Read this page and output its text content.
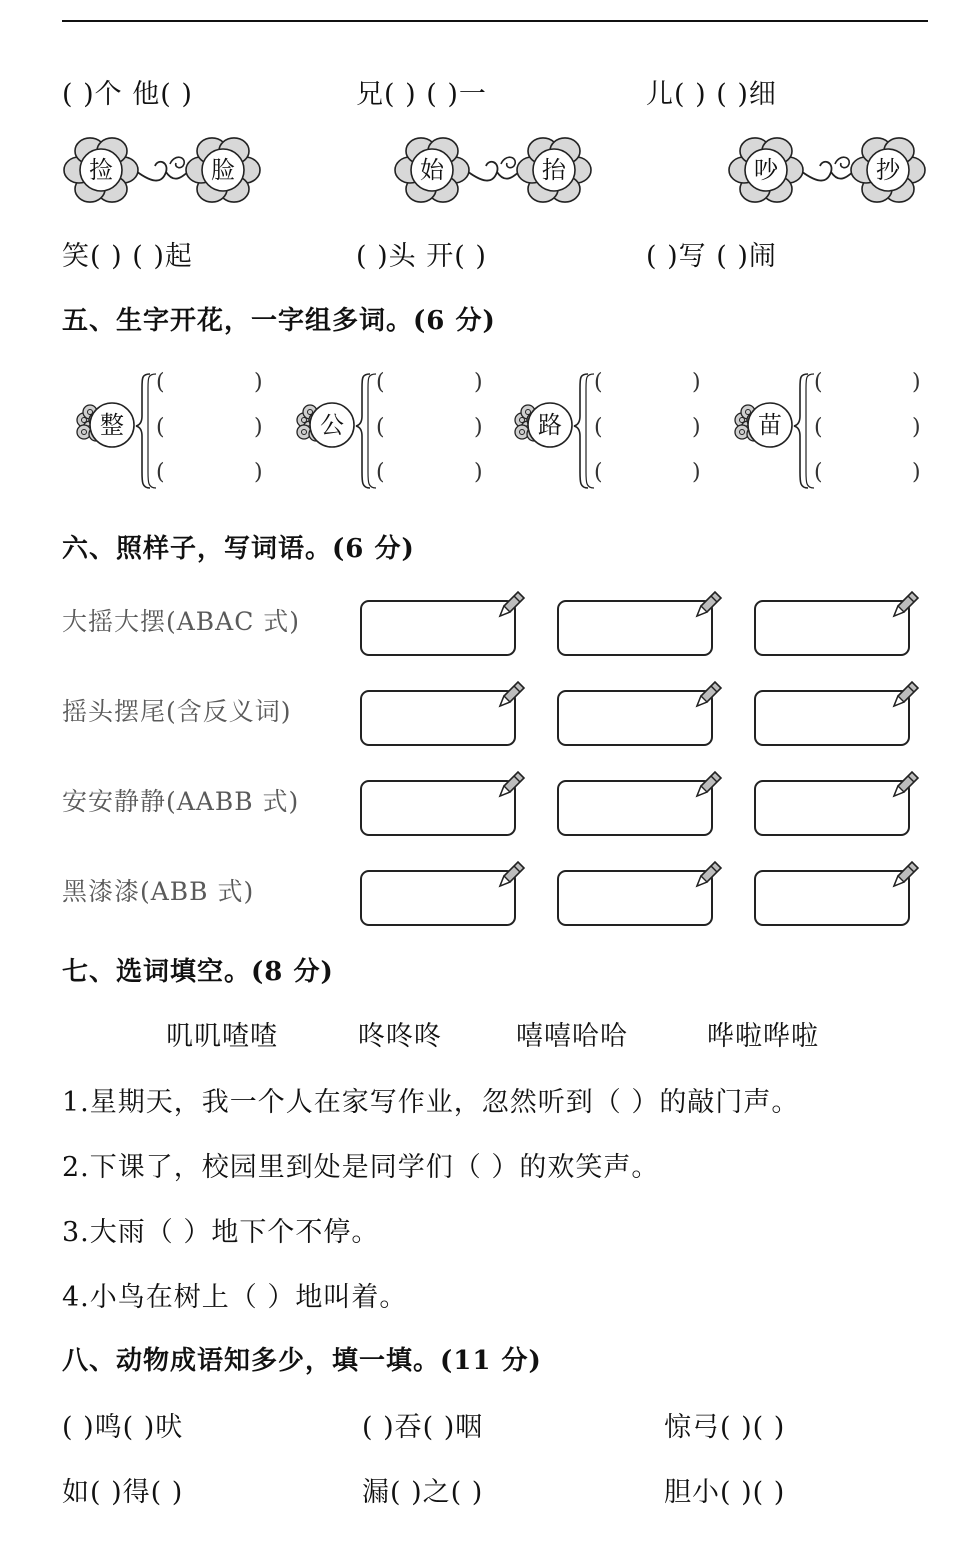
( )个 他( )	兄( ) ( )一	儿( ) ( )细
捡	脸	始	抬	吵	抄
笑( ) ( )起	( )头 开( )	( )写 ( )闹
五、生字开花，一字组多词。(6 分)
整
(	)
(	)
(	)
公
(	)
(	)
(	)
路
(	)
(	)
(	)
苗
(	)
(	)
(	)
六、照样子，写词语。(6 分)
大摇大摆(ABAC 式)
摇头摆尾(含反义词)
安安静静(AABB 式)
黑漆漆(ABB 式)
七、选词填空。(8 分)
叽叽喳喳	咚咚咚	嘻嘻哈哈	哗啦哗啦
1.星期天，我一个人在家写作业，忽然听到（ ）的敲门声。
2.下课了，校园里到处是同学们（ ）的欢笑声。
3.大雨（ ）地下个不停。
4.小鸟在树上（ ）地叫着。
八、动物成语知多少，填一填。(11 分)
( )鸣( )吠	( )吞( )咽	惊弓( )( )
如( )得( )	漏( )之( )	胆小( )( )
